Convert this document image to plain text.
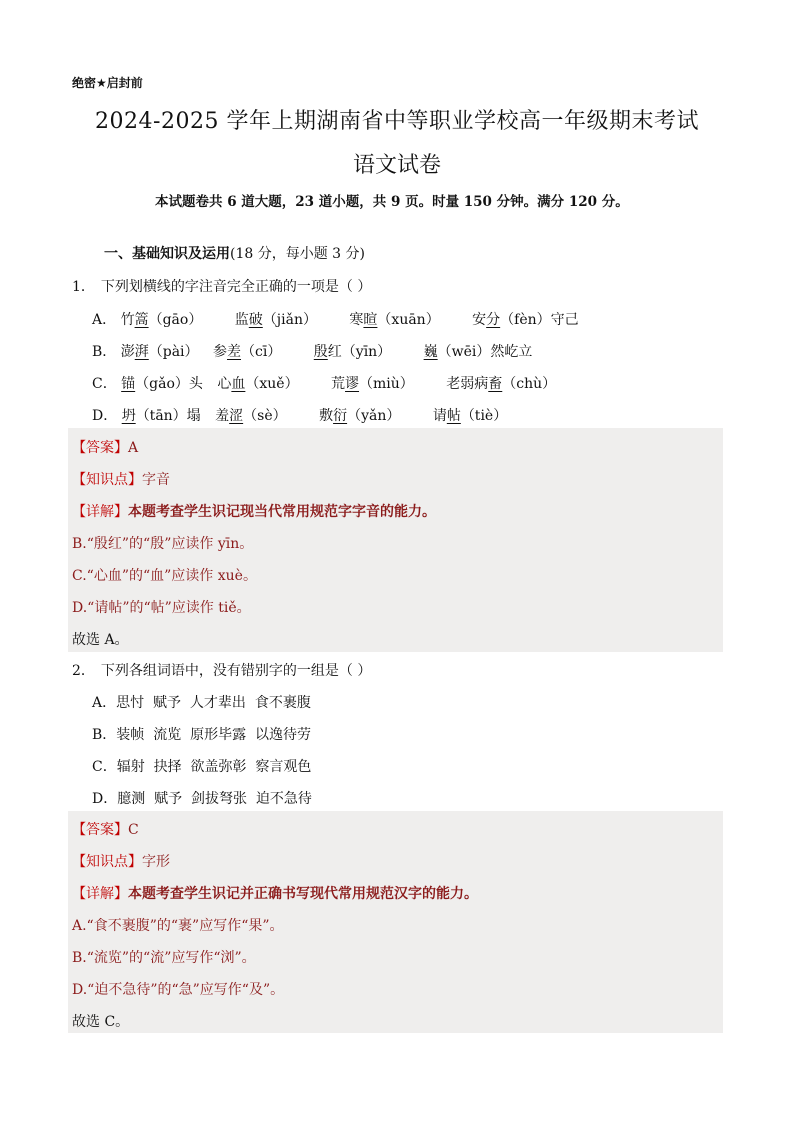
绝密★启封前
2024-2025 学年上期湖南省中等职业学校高一年级期末考试
语文试卷
本试题卷共 6 道大题，23 道小题，共 9 页。时量 150 分钟。满分 120 分。
一、基础知识及运用(18 分，每小题 3 分)
1． 下列划横线的字注音完全正确的一项是（ ）
A． 竹篙（gāo） 监破（jiǎn） 寒暄（xuān） 安分（fèn）守己
B． 澎湃（pài） 参差（cī） 殷红（yīn） 巍（wēi）然屹立
C． 锚（gǎo）头 心血（xuě） 荒谬（miù） 老弱病畜（chù）
D． 坍（tān）塌 羞涩（sè） 敷衍（yǎn） 请帖（tiè）
【答案】A
【知识点】字音
【详解】本题考查学生识记现当代常用规范字字音的能力。
B.“殷红”的“殷”应读作 yīn。
C.“心血”的“血”应读作 xuè。
D.“请帖”的“帖”应读作 tiě。
故选 A。
2． 下列各组词语中，没有错别字的一组是（ ）
A．思忖  赋予  人才辈出  食不裹腹
B．装帧  流览  原形毕露  以逸待劳
C．辐射  抉择  欲盖弥彰  察言观色
D．臆测  赋予  剑拔弩张  迫不急待
【答案】C
【知识点】字形
【详解】本题考查学生识记并正确书写现代常用规范汉字的能力。
A.“食不裹腹”的“裹”应写作“果”。
B.“流览”的“流”应写作“浏”。
D.“迫不急待”的“急”应写作“及”。
故选 C。
